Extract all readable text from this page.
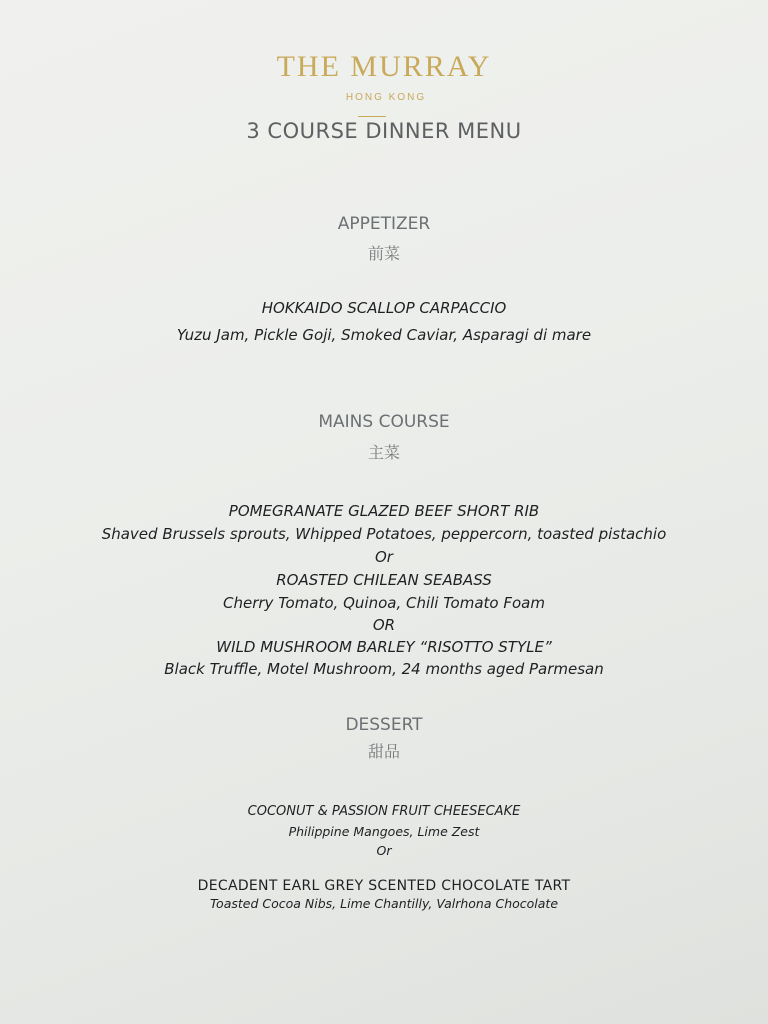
THE MURRAY
HONG KONG
3 COURSE DINNER MENU
APPETIZER
前菜
HOKKAIDO SCALLOP CARPACCIO
Yuzu Jam, Pickle Goji, Smoked Caviar, Asparagi di mare
MAINS COURSE
主菜
POMEGRANATE GLAZED BEEF SHORT RIB
Shaved Brussels sprouts, Whipped Potatoes, peppercorn, toasted pistachio
Or
ROASTED CHILEAN SEABASS
Cherry Tomato, Quinoa, Chili Tomato Foam
OR
WILD MUSHROOM BARLEY “RISOTTO STYLE”
Black Truffle, Motel Mushroom, 24 months aged Parmesan
DESSERT
甜品
COCONUT & PASSION FRUIT CHEESECAKE
Philippine Mangoes, Lime Zest
Or
DECADENT EARL GREY SCENTED CHOCOLATE TART
Toasted Cocoa Nibs, Lime Chantilly, Valrhona Chocolate
